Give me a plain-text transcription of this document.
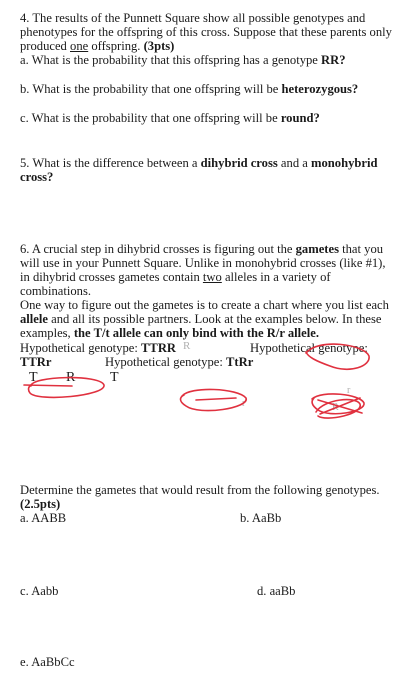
4. The results of the Punnett Square show all possible genotypes and
phenotypes for the offspring of this cross. Suppose that these parents only
produced one offspring. (3pts)
a. What is the probability that this offspring has a genotype RR?
b. What is the probability that one offspring will be heterozygous?
c. What is the probability that one offspring will be round?
5. What is the difference between a dihybrid cross and a monohybrid
cross?
6. A crucial step in dihybrid crosses is figuring out the gametes that you
will use in your Punnett Square. Unlike in monohybrid crosses (like #1),
in dihybrid crosses gametes contain two alleles in a variety of
combinations.
One way to figure out the gametes is to create a chart where you list each
allele and all its possible partners. Look at the examples below. In these
examples, the T/t allele can only bind with the R/r allele.
Hypothetical genotype: TTRR	Hypothetical genotype:
TTRr	Hypothetical genotype: TtRr
T R T
R
r
r
R
Determine the gametes that would result from the following genotypes.
(2.5pts)
a. AABB	b. AaBb
c. Aabb	d. aaBb
e. AaBbCc
